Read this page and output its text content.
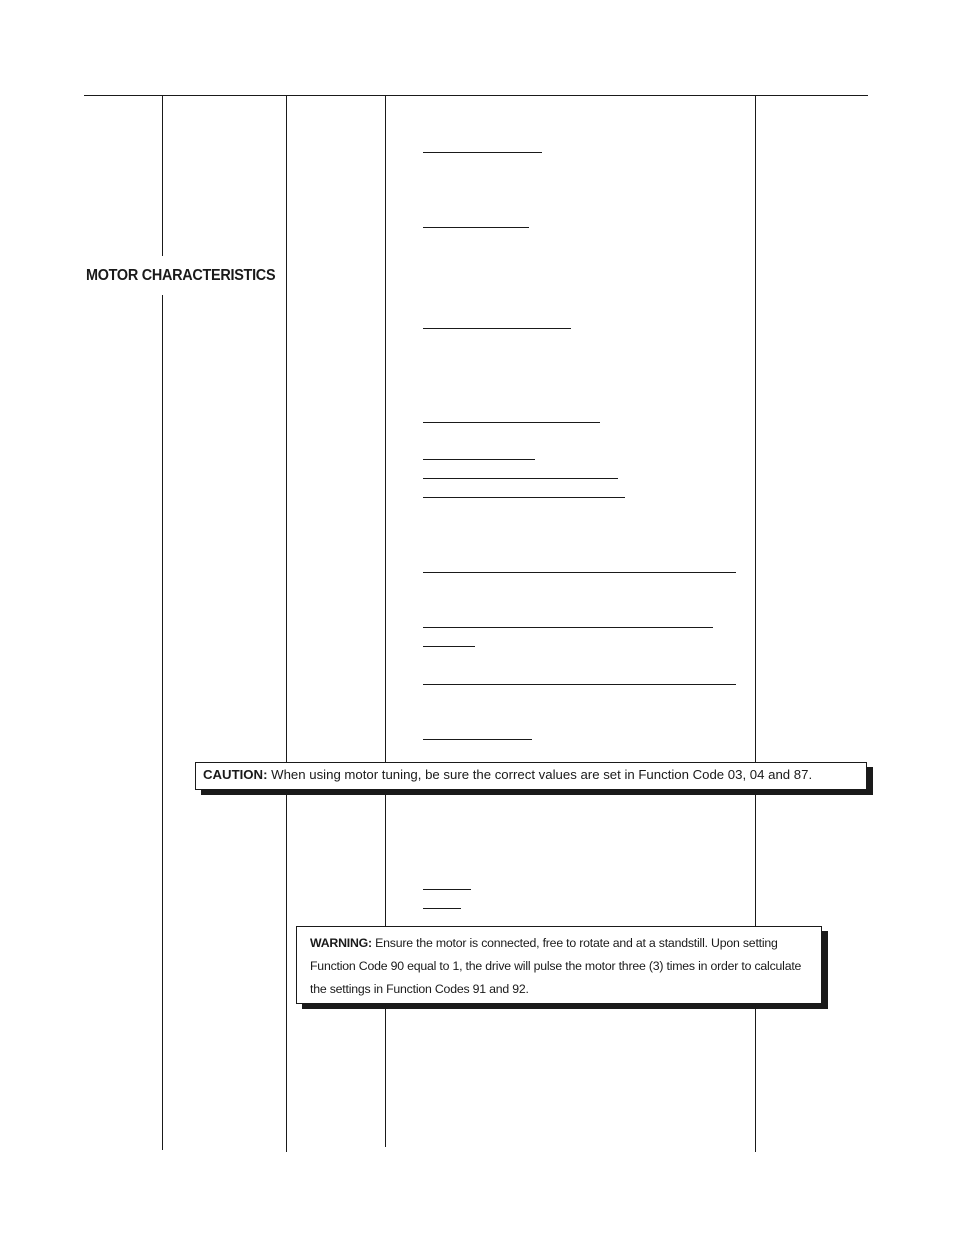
MOTOR CHARACTERISTICS
CAUTION: When using motor tuning, be sure the correct values are set in Function Code 03, 04 and 87.
WARNING: Ensure the motor is connected, free to rotate and at a standstill. Upon setting Function Code 90 equal to 1, the drive will pulse the motor three (3) times in order to calculate the settings in Function Codes 91 and 92.
